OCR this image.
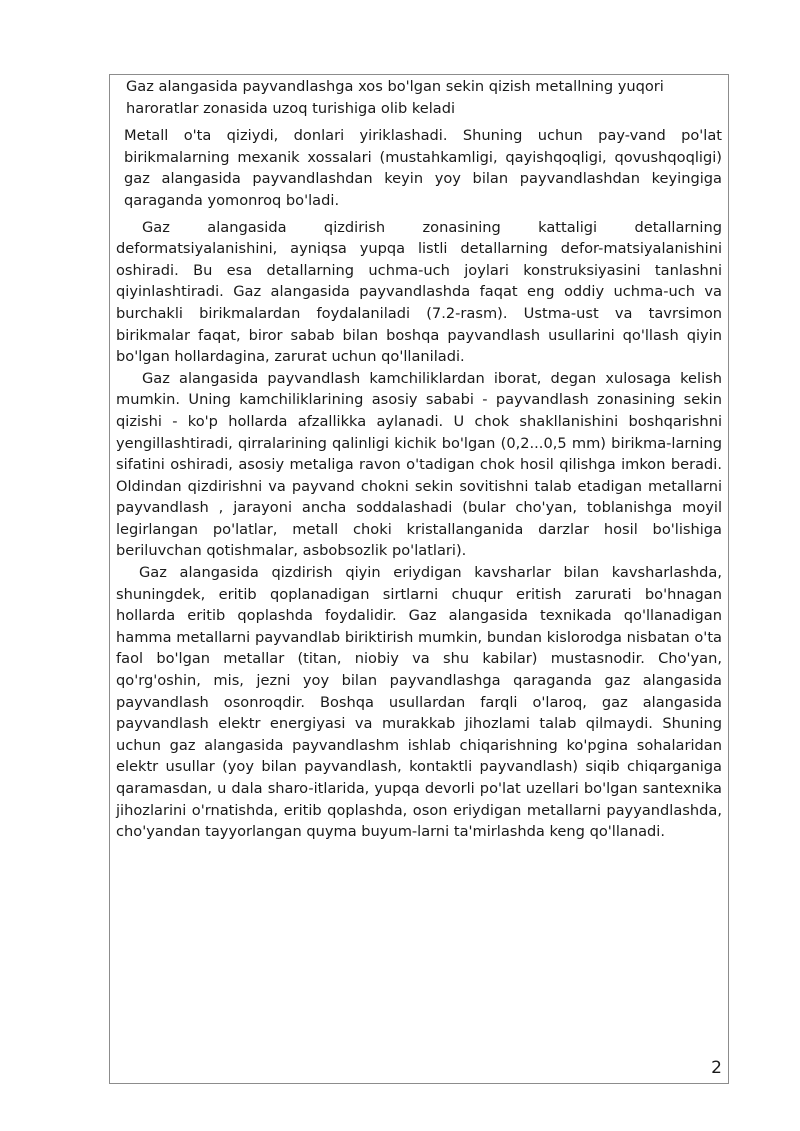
Gaz alangasida payvandlashga xos bo'lgan sekin qizish metallning yuqori haroratlar zonasida uzoq turishiga olib keladi

Metall o'ta qiziydi, donlari yiriklashadi. Shuning uchun pay-vand po'lat birikmalarning mexanik xossalari (mustahkamligi, qayishqoqligi, qovushqoqligi) gaz alangasida payvandlashdan keyin yoy bilan payvandlashdan keyingiga qaraganda yomonroq bo'ladi.

Gaz alangasida qizdirish zonasining kattaligi detallarning deformatsiyalanishini, ayniqsa yupqa listli detallarning defor-matsiyalanishini oshiradi. Bu esa detallarning uchma-uch joylari konstruksiyasini tanlashni qiyinlashtiradi. Gaz alangasida payvandlashda faqat eng oddiy uchma-uch va burchakli birikmalardan foydalaniladi (7.2-rasm). Ustma-ust va tavrsimon birikmalar faqat, biror sabab bilan boshqa payvandlash usullarini qo'llash qiyin bo'lgan hollardagina, zarurat uchun qo'llaniladi.

Gaz alangasida payvandlash kamchiliklardan iborat, degan xulosaga kelish mumkin. Uning kamchiliklarining asosiy sababi - payvandlash zonasining sekin qizishi - ko'p hollarda afzallikka aylanadi. U chok shakllanishini boshqarishni yengillashtiradi, qirralarining qalinligi kichik bo'lgan (0,2...0,5 mm) birikma-larning sifatini oshiradi, asosiy metaliga ravon o'tadigan chok hosil qilishga imkon beradi. Oldindan qizdirishni va payvand chokni sekin sovitishni talab etadigan metallarni payvandlash , jarayoni ancha soddalashadi (bular cho'yan, toblanishga moyil legirlangan po'latlar, metall choki kristallanganida darzlar hosil bo'lishiga beriluvchan qotishmalar, asbobsozlik po'latlari).

Gaz alangasida qizdirish qiyin eriydigan kavsharlar bilan kavsharlashda, shuningdek, eritib qoplanadigan sirtlarni chuqur eritish zarurati bo'hnagan hollarda eritib qoplashda foydalidir. Gaz alangasida texnikada qo'llanadigan hamma metallarni payvandlab biriktirish mumkin, bundan kislorodga nisbatan o'ta faol bo'lgan metallar (titan, niobiy va shu kabilar) mustasnodir. Cho'yan, qo'rg'oshin, mis, jezni yoy bilan payvandlashga qaraganda gaz alangasida payvandlash osonroqdir. Boshqa usullardan farqli o'laroq, gaz alangasida payvandlash elektr energiyasi va murakkab jihozlami talab qilmaydi. Shuning uchun gaz alangasida payvandlashm ishlab chiqarishning ko'pgina sohalaridan elektr usullar (yoy bilan payvandlash, kontaktli payvandlash) siqib chiqarganiga qaramasdan, u dala sharo-itlarida, yupqa devorli po'lat uzellari bo'lgan santexnika jihozlarini o'rnatishda, eritib qoplashda, oson eriydigan metallarni payyandlashda, cho'yandan tayyorlangan quyma buyum-larni ta'mirlashda keng qo'llanadi.

2
